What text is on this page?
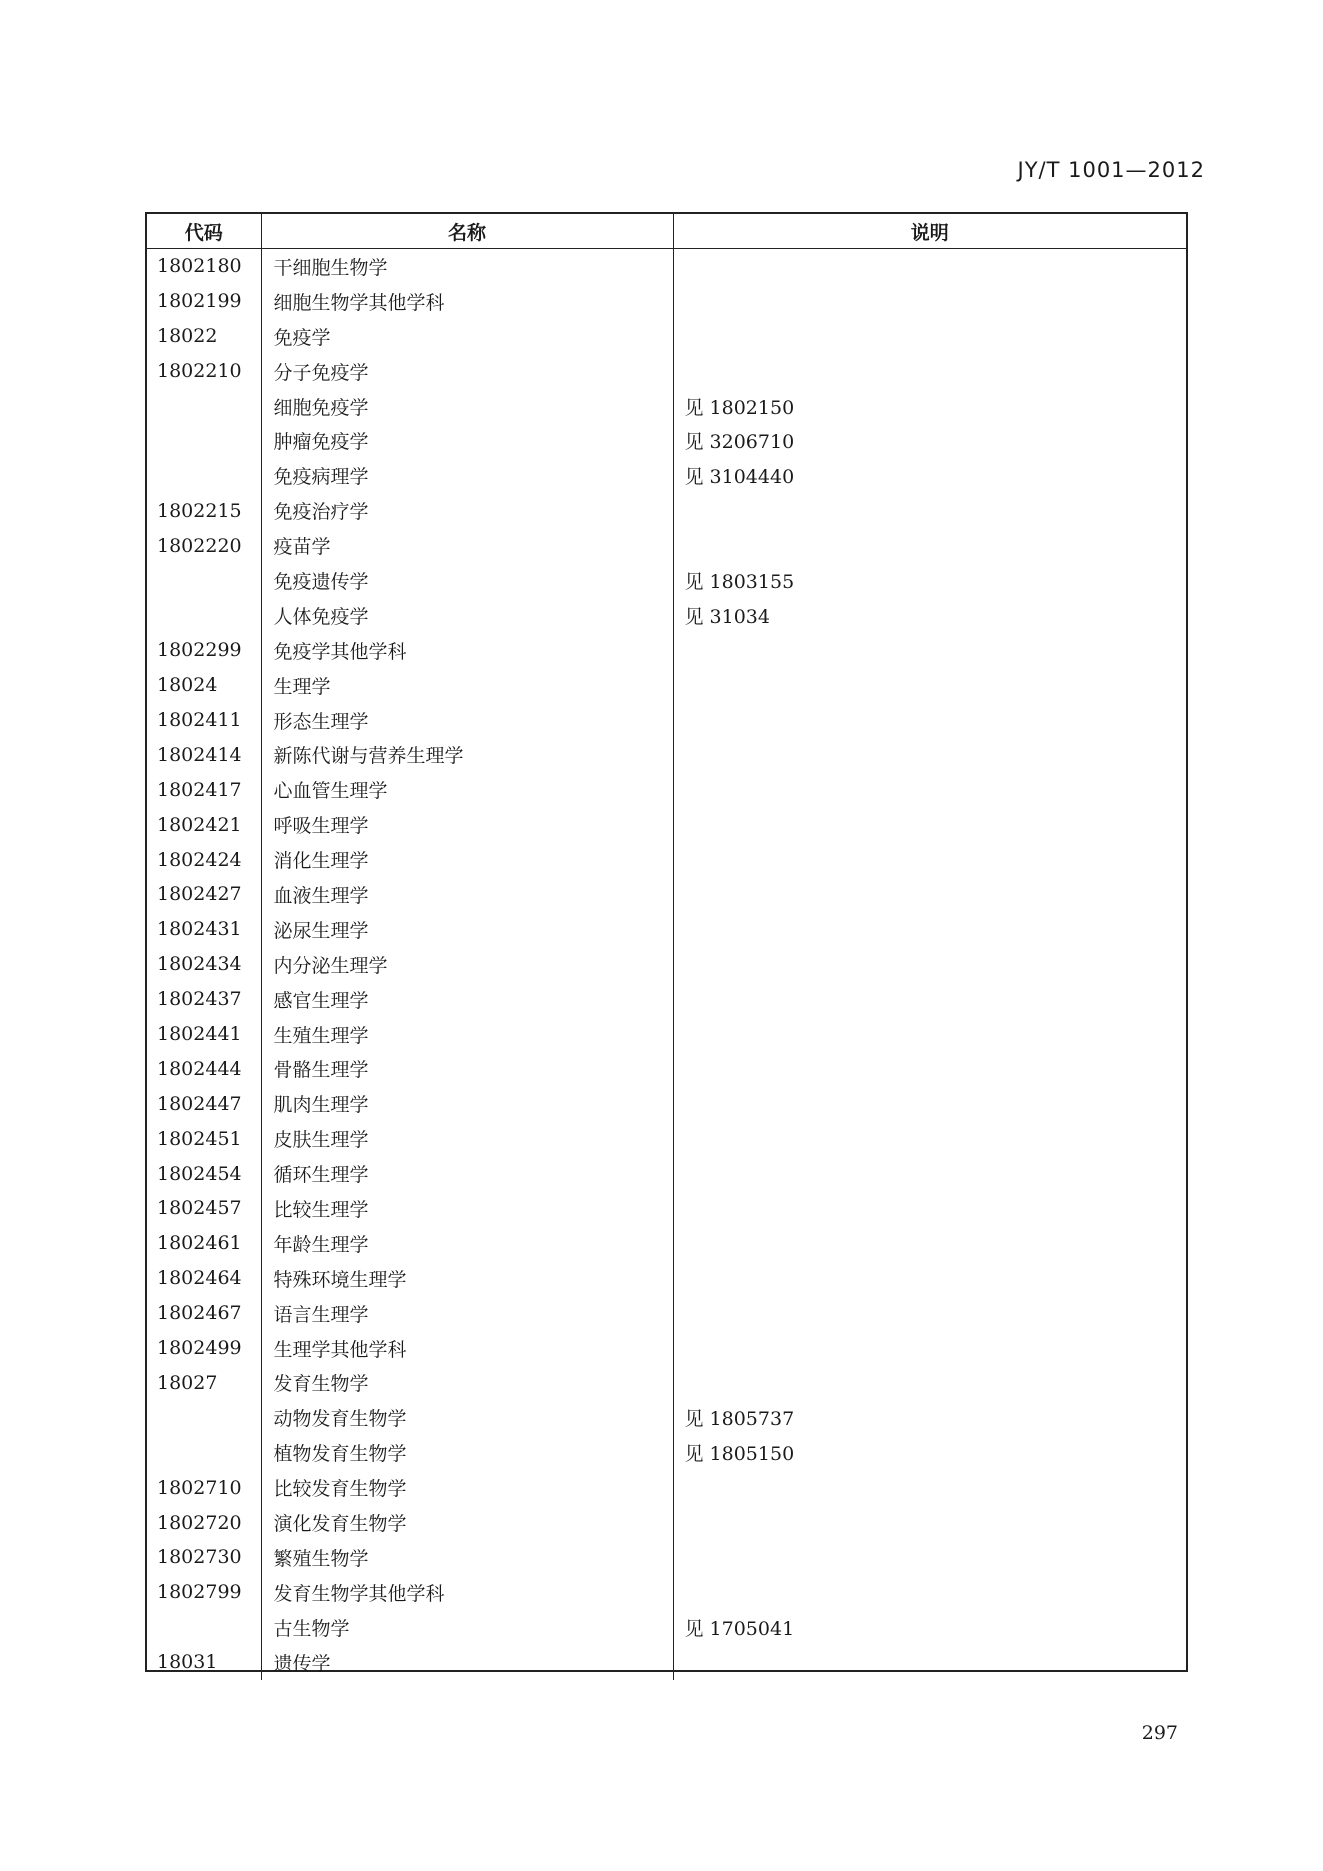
JY/T 1001—2012
代码	名称	说明
1802180	干细胞生物学	
1802199	细胞生物学其他学科	
18022	免疫学	
1802210	分子免疫学	
	细胞免疫学	见 1802150
	肿瘤免疫学	见 3206710
	免疫病理学	见 3104440
1802215	免疫治疗学	
1802220	疫苗学	
	免疫遗传学	见 1803155
	人体免疫学	见 31034
1802299	免疫学其他学科	
18024	生理学	
1802411	形态生理学	
1802414	新陈代谢与营养生理学	
1802417	心血管生理学	
1802421	呼吸生理学	
1802424	消化生理学	
1802427	血液生理学	
1802431	泌尿生理学	
1802434	内分泌生理学	
1802437	感官生理学	
1802441	生殖生理学	
1802444	骨骼生理学	
1802447	肌肉生理学	
1802451	皮肤生理学	
1802454	循环生理学	
1802457	比较生理学	
1802461	年龄生理学	
1802464	特殊环境生理学	
1802467	语言生理学	
1802499	生理学其他学科	
18027	发育生物学	
	动物发育生物学	见 1805737
	植物发育生物学	见 1805150
1802710	比较发育生物学	
1802720	演化发育生物学	
1802730	繁殖生物学	
1802799	发育生物学其他学科	
	古生物学	见 1705041
18031	遗传学	
297
